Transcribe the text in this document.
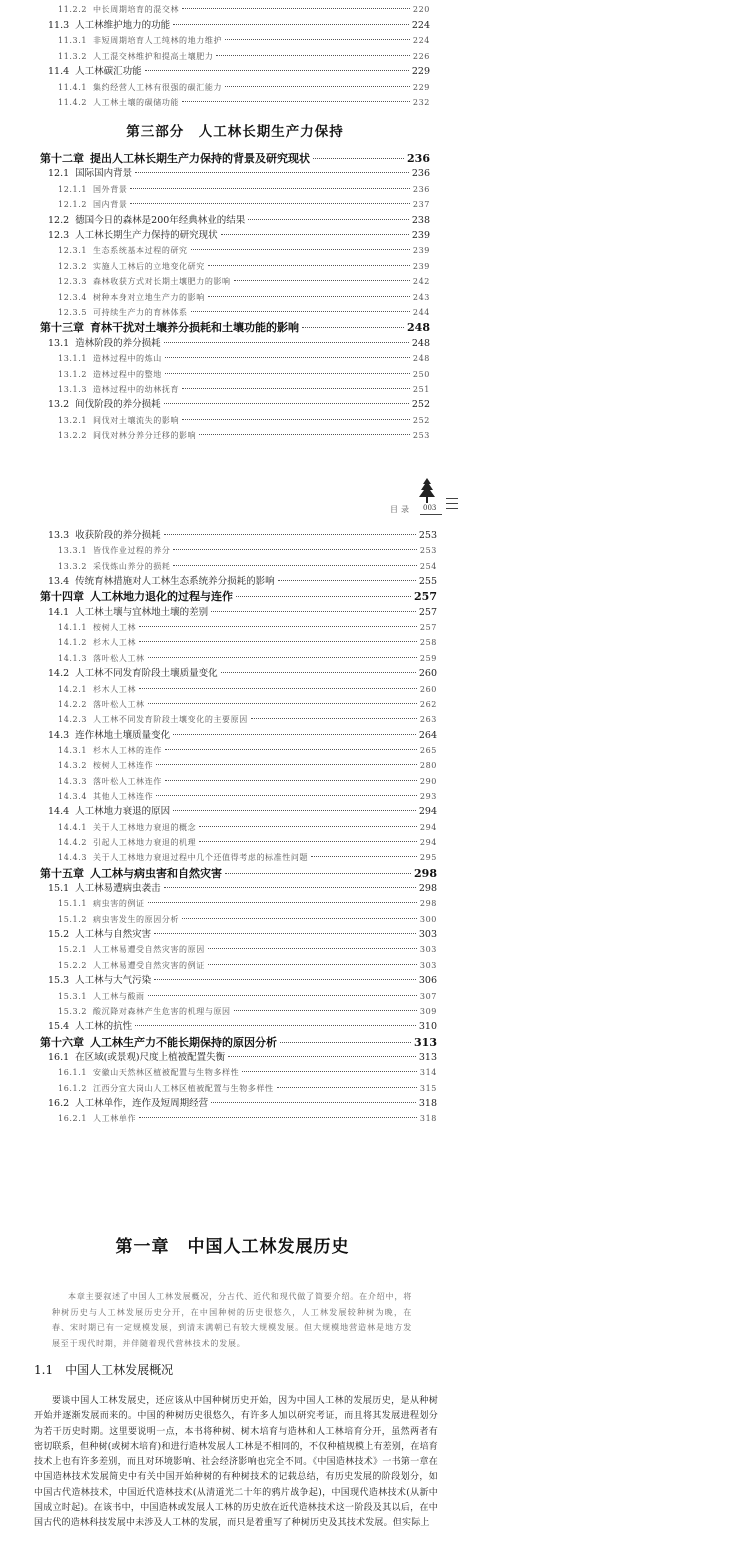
11.2.2 中长周期培育的混交林	220
11.3 人工林维护地力的功能	224
11.3.1 非短周期培育人工纯林的地力维护	224
11.3.2 人工混交林维护和提高土壤肥力	226
11.4 人工林碳汇功能	229
11.4.1 集约经营人工林有很强的碳汇能力	229
11.4.2 人工林土壤的碳储功能	232
第三部分　人工林长期生产力保持
第十二章 提出人工林长期生产力保持的背景及研究现状	236
12.1 国际国内背景	236
12.1.1 国外背景	236
12.1.2 国内背景	237
12.2 德国今日的森林是200年经典林业的结果	238
12.3 人工林长期生产力保持的研究现状	239
12.3.1 生态系统基本过程的研究	239
12.3.2 实施人工林后的立地变化研究	239
12.3.3 森林收获方式对长期土壤肥力的影响	242
12.3.4 树种本身对立地生产力的影响	243
12.3.5 可持续生产力的育林体系	244
第十三章 育林干扰对土壤养分损耗和土壤功能的影响	248
13.1 造林阶段的养分损耗	248
13.1.1 造林过程中的炼山	248
13.1.2 造林过程中的整地	250
13.1.3 造林过程中的幼林抚育	251
13.2 间伐阶段的养分损耗	252
13.2.1 间伐对土壤流失的影响	252
13.2.2 间伐对林分养分迁移的影响	253
目录 003
13.3 收获阶段的养分损耗	253
13.3.1 皆伐作业过程的养分	253
13.3.2 采伐炼山养分的损耗	254
13.4 传统育林措施对人工林生态系统养分损耗的影响	255
第十四章 人工林地力退化的过程与连作	257
14.1 人工林土壤与宜林地土壤的差别	257
14.1.1 桉树人工林	257
14.1.2 杉木人工林	258
14.1.3 落叶松人工林	259
14.2 人工林不同发育阶段土壤质量变化	260
14.2.1 杉木人工林	260
14.2.2 落叶松人工林	262
14.2.3 人工林不同发育阶段土壤变化的主要原因	263
14.3 连作林地土壤质量变化	264
14.3.1 杉木人工林的连作	265
14.3.2 桉树人工林连作	280
14.3.3 落叶松人工林连作	290
14.3.4 其他人工林连作	293
14.4 人工林地力衰退的原因	294
14.4.1 关于人工林地力衰退的概念	294
14.4.2 引起人工林地力衰退的机理	294
14.4.3 关于人工林地力衰退过程中几个还值得考虑的标准性问题	295
第十五章 人工林与病虫害和自然灾害	298
15.1 人工林易遭病虫袭击	298
15.1.1 病虫害的例证	298
15.1.2 病虫害发生的原因分析	300
15.2 人工林与自然灾害	303
15.2.1 人工林易遭受自然灾害的原因	303
15.2.2 人工林易遭受自然灾害的例证	303
15.3 人工林与大气污染	306
15.3.1 人工林与酸雨	307
15.3.2 酸沉降对森林产生危害的机理与原因	309
15.4 人工林的抗性	310
第十六章 人工林生产力不能长期保持的原因分析	313
16.1 在区域(或景观)尺度上植被配置失衡	313
16.1.1 安徽山天然林区植被配置与生物多样性	314
16.1.2 江西分宜大岗山人工林区植被配置与生物多样性	315
16.2 人工林单作，连作及短周期经营	318
16.2.1 人工林单作	318
第一章　中国人工林发展历史
本章主要叙述了中国人工林发展概况，分古代、近代和现代做了简要介绍。在介绍中，将种树历史与人工林发展历史分开，在中国种树的历史很悠久，人工林发展较种树为晚，在春、宋时期已有一定规模发展，到清末满朝已有较大规模发展。但大规模地营造林是地方发展至于现代时期，并伴随着现代营林技术的发展。
1.1 中国人工林发展概况
要谈中国人工林发展史，还应该从中国种树历史开始，因为中国人工林的发展历史，是从种树开始并逐渐发展而来的。中国的种树历史很悠久，有许多人加以研究考证，而且将其发展进程划分为若干历史时期。这里要说明一点，本书将种树、树木培育与造林和人工林培育分开，虽然两者有密切联系，但种树(或树木培育)和进行造林发展人工林是不相同的，不仅种植规模上有差别，在培育技术上也有许多差别，而且对环境影响、社会经济影响也完全不同。《中国造林技术》一书第一章在中国造林技术发展简史中有关中国开始种树的有种树技术的记载总结，有历史发展的阶段划分，如中国古代造林技术，中国近代造林技术(从清道光二十年的鸦片战争起)，中国现代造林技术(从新中国成立时起)。在该书中，中国造林或发展人工林的历史放在近代造林技术这一阶段及其以后，在中国古代的造林科技发展中未涉及人工林的发展，而只是着重写了种树历史及其技术发展。但实际上
